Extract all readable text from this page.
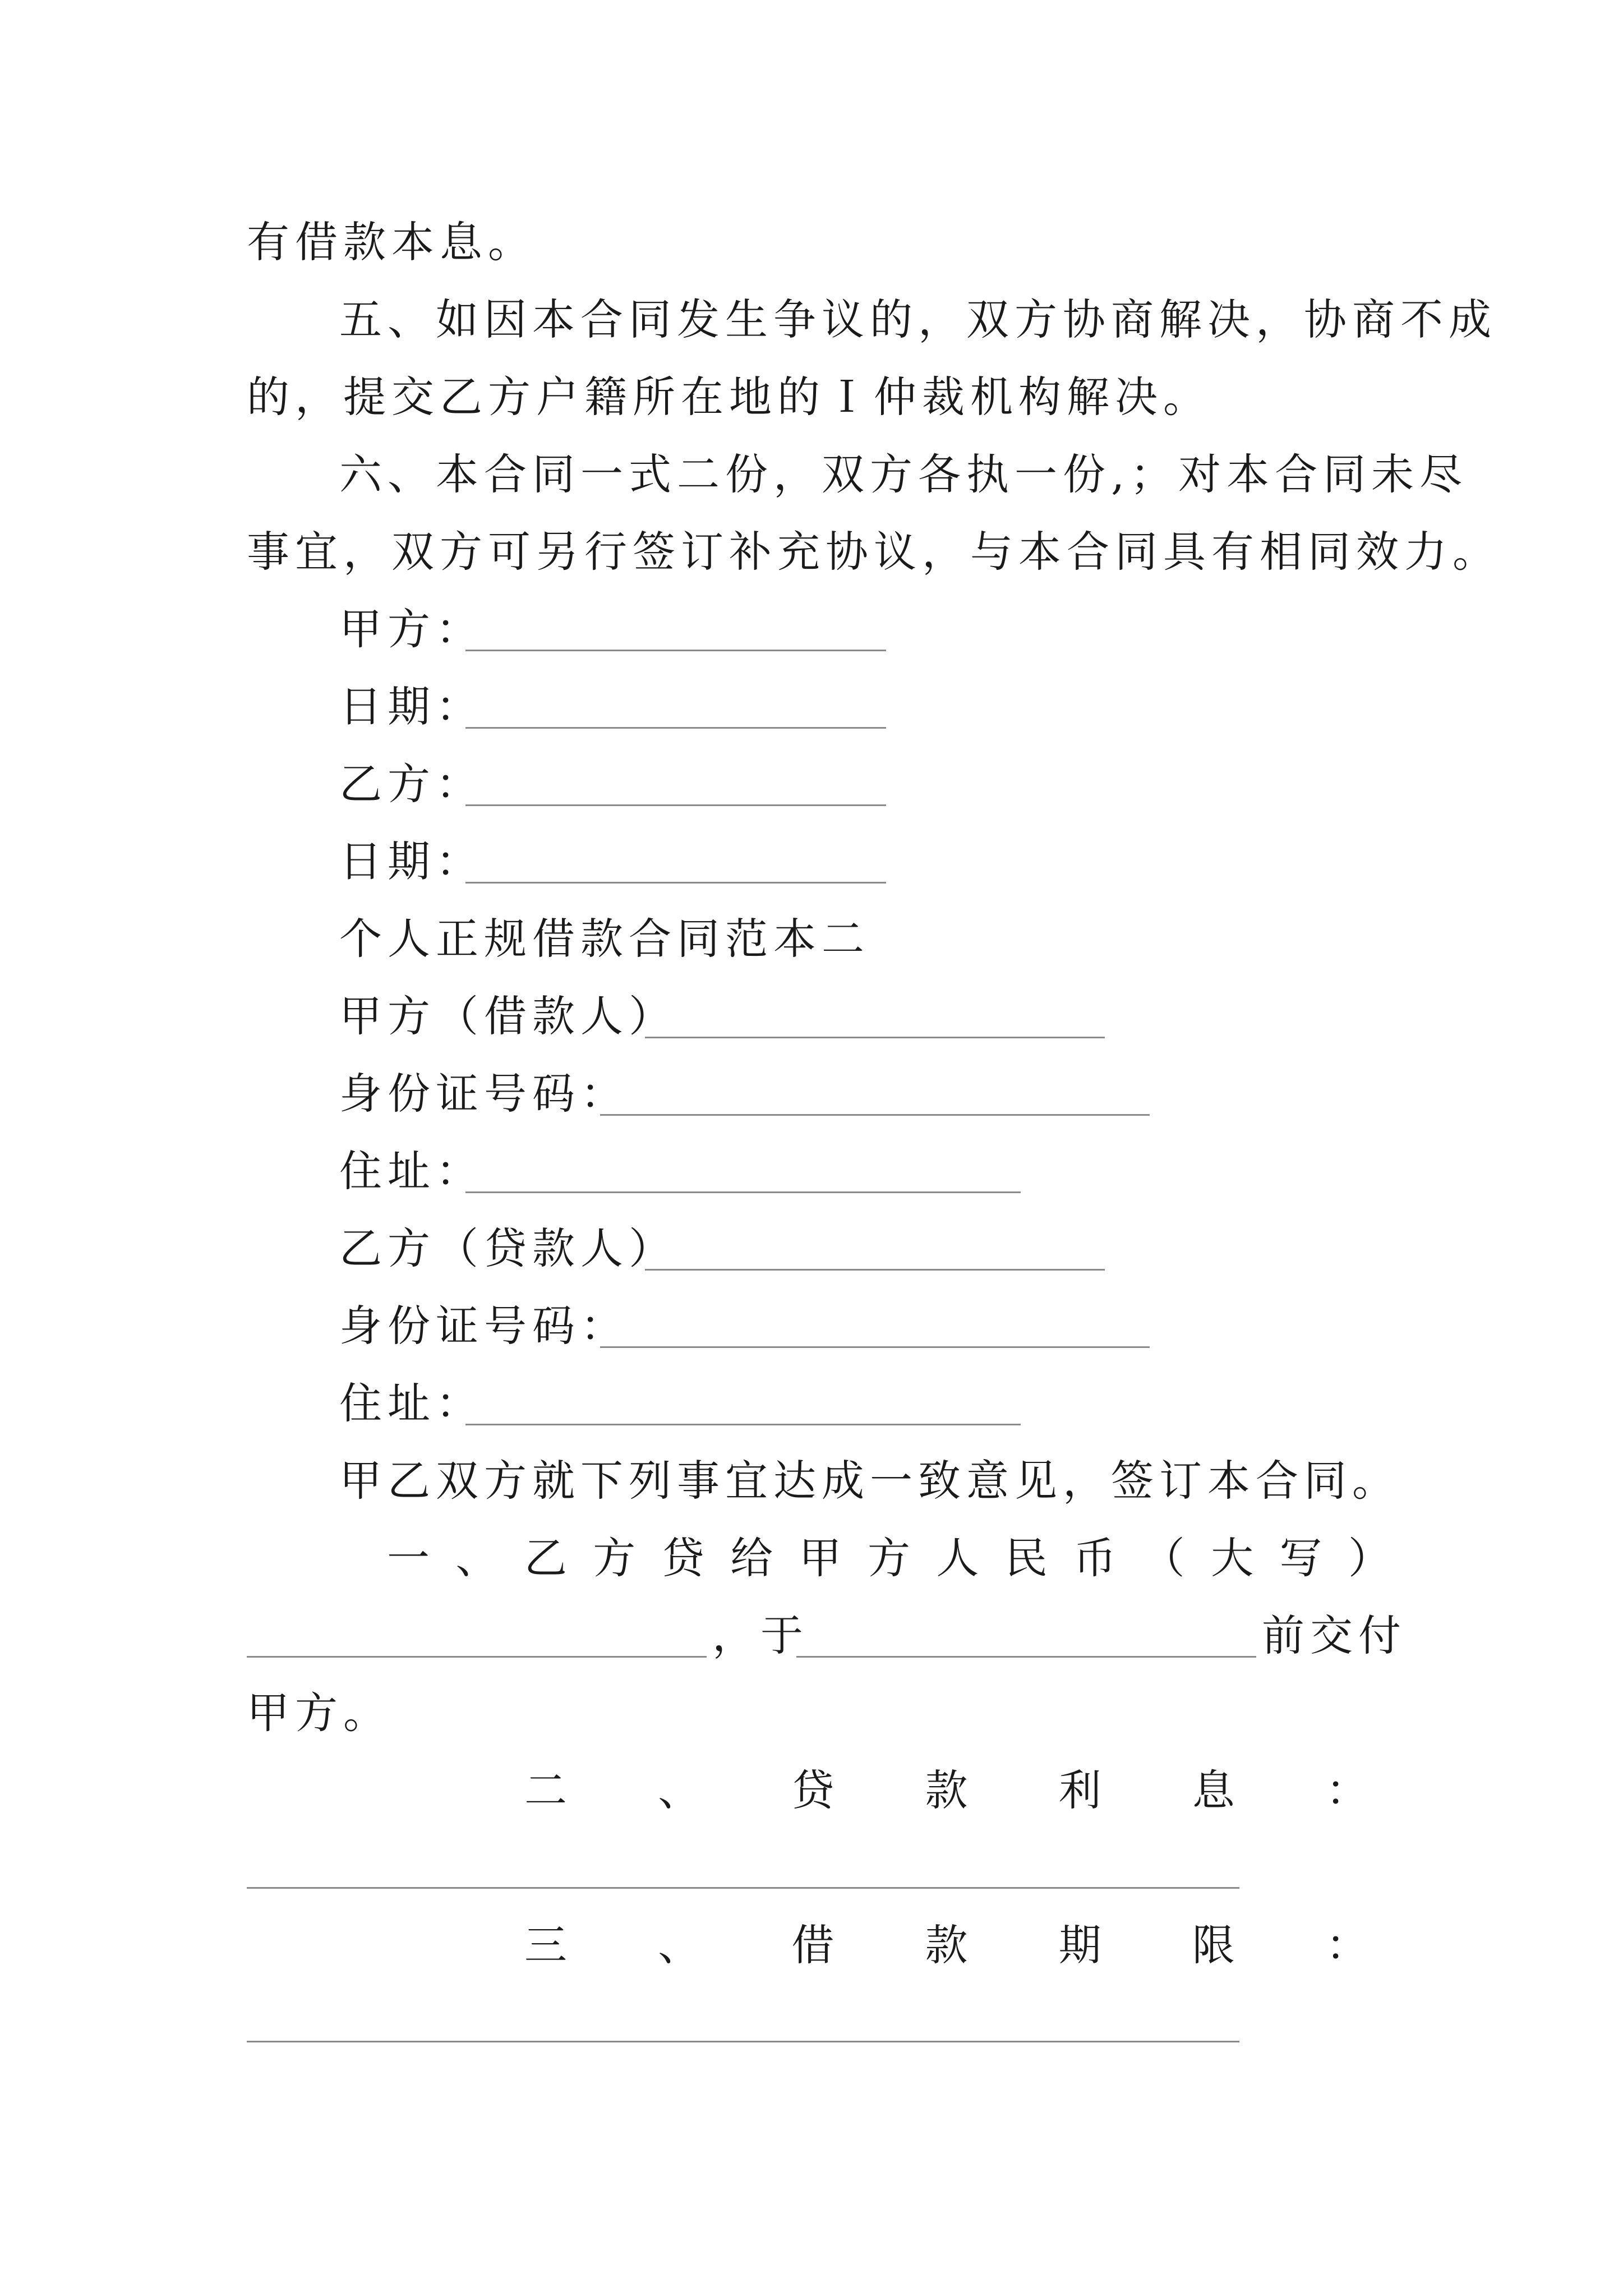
有借款本息。
五、如因本合同发生争议的，双方协商解决，协商不成
的，提交乙方户籍所在地的Ｉ仲裁机构解决。
六、本合同一式二份，双方各执一份,；对本合同未尽
事宜，双方可另行签订补充协议，与本合同具有相同效力。
甲方：
日期：
乙方：
日期：
个人正规借款合同范本二
甲方（借款人）
身份证号码：
住址：
乙方（贷款人）
身份证号码：
住址：
甲乙双方就下列事宜达成一致意见，签订本合同。
一 、 乙 方 贷 给 甲 方 人 民 币 （ 大 写 ）
，于	前交付
甲方。
二 、 贷 款 利 息 ：
三 、 借 款 期 限 ：
